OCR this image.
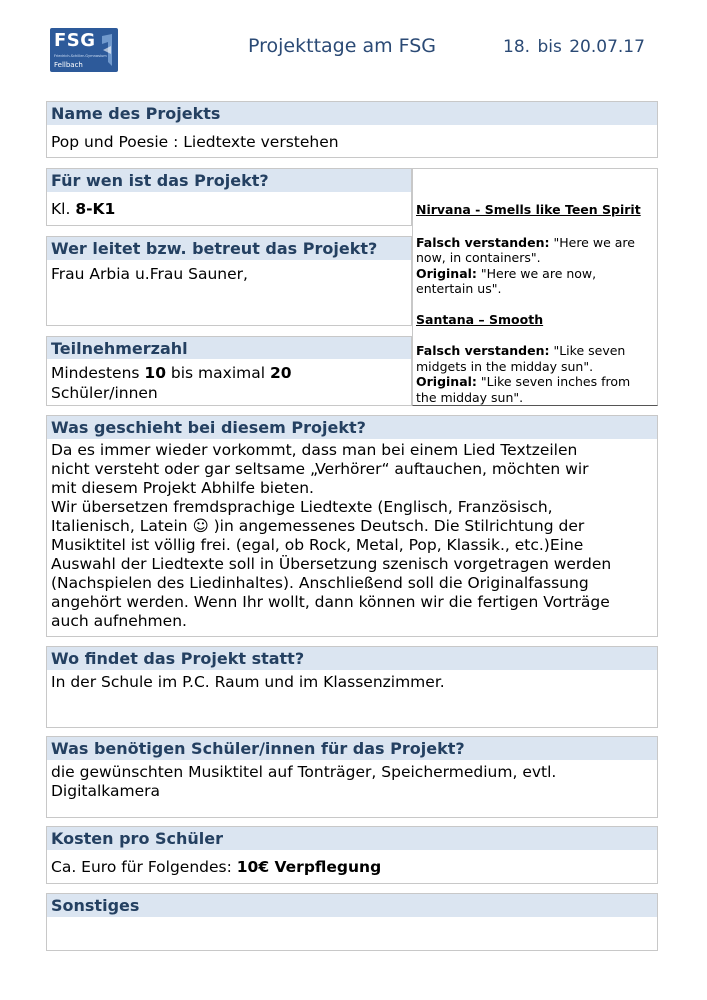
FSG
Friedrich-Schiller-Gymnasium
Fellbach
Projekttage am FSG	18. bis 20.07.17
Name des Projekts
Pop und Poesie : Liedtexte verstehen
Für wen ist das Projekt?
Kl. 8-K1
Wer leitet bzw. betreut das Projekt?
Frau Arbia u.Frau Sauner,
Teilnehmerzahl
Mindestens 10 bis maximal 20
Schüler/innen
Nirvana - Smells like Teen Spirit
Falsch verstanden: "Here we are
now, in containers".
Original: "Here we are now,
entertain us".
Santana – Smooth
Falsch verstanden: "Like seven
midgets in the midday sun".
Original: "Like seven inches from
the midday sun".
Was geschieht bei diesem Projekt?
Da es immer wieder vorkommt, dass man bei einem Lied Textzeilen
nicht versteht oder gar seltsame „Verhörer“ auftauchen, möchten wir
mit diesem Projekt Abhilfe bieten.
Wir übersetzen fremdsprachige Liedtexte (Englisch, Französisch,
Italienisch, Latein ☺ )in angemessenes Deutsch. Die Stilrichtung der
Musiktitel ist völlig frei. (egal, ob Rock, Metal, Pop, Klassik., etc.)Eine
Auswahl der Liedtexte soll in Übersetzung szenisch vorgetragen werden
(Nachspielen des Liedinhaltes). Anschließend soll die Originalfassung
angehört werden. Wenn Ihr wollt, dann können wir die fertigen Vorträge
auch aufnehmen.
Wo findet das Projekt statt?
In der Schule im P.C. Raum und im Klassenzimmer.
Was benötigen Schüler/innen für das Projekt?
die gewünschten Musiktitel auf Tonträger, Speichermedium, evtl.
Digitalkamera
Kosten pro Schüler
Ca. Euro für Folgendes: 10€ Verpflegung
Sonstiges
